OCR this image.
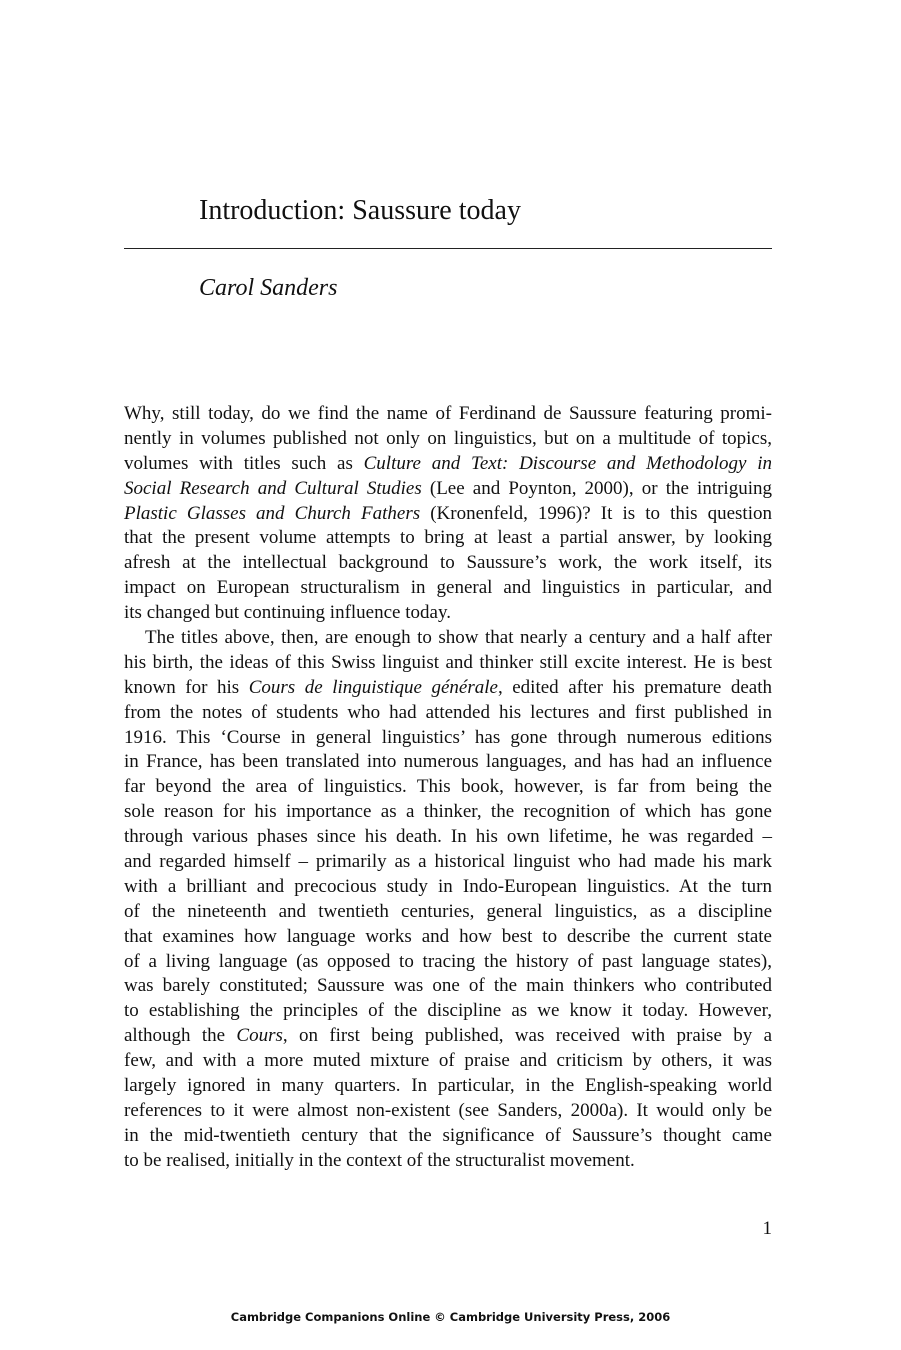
Introduction: Saussure today
Carol Sanders
Why, still today, do we find the name of Ferdinand de Saussure featuring promi-
nently in volumes published not only on linguistics, but on a multitude of topics,
volumes with titles such as Culture and Text: Discourse and Methodology in
Social Research and Cultural Studies (Lee and Poynton, 2000), or the intriguing
Plastic Glasses and Church Fathers (Kronenfeld, 1996)? It is to this question
that the present volume attempts to bring at least a partial answer, by looking
afresh at the intellectual background to Saussure’s work, the work itself, its
impact on European structuralism in general and linguistics in particular, and
its changed but continuing influence today.
The titles above, then, are enough to show that nearly a century and a half after
his birth, the ideas of this Swiss linguist and thinker still excite interest. He is best
known for his Cours de linguistique générale, edited after his premature death
from the notes of students who had attended his lectures and first published in
1916. This ‘Course in general linguistics’ has gone through numerous editions
in France, has been translated into numerous languages, and has had an influence
far beyond the area of linguistics. This book, however, is far from being the
sole reason for his importance as a thinker, the recognition of which has gone
through various phases since his death. In his own lifetime, he was regarded –
and regarded himself – primarily as a historical linguist who had made his mark
with a brilliant and precocious study in Indo-European linguistics. At the turn
of the nineteenth and twentieth centuries, general linguistics, as a discipline
that examines how language works and how best to describe the current state
of a living language (as opposed to tracing the history of past language states),
was barely constituted; Saussure was one of the main thinkers who contributed
to establishing the principles of the discipline as we know it today. However,
although the Cours, on first being published, was received with praise by a
few, and with a more muted mixture of praise and criticism by others, it was
largely ignored in many quarters. In particular, in the English-speaking world
references to it were almost non-existent (see Sanders, 2000a). It would only be
in the mid-twentieth century that the significance of Saussure’s thought came
to be realised, initially in the context of the structuralist movement.
1
Cambridge Companions Online © Cambridge University Press, 2006
